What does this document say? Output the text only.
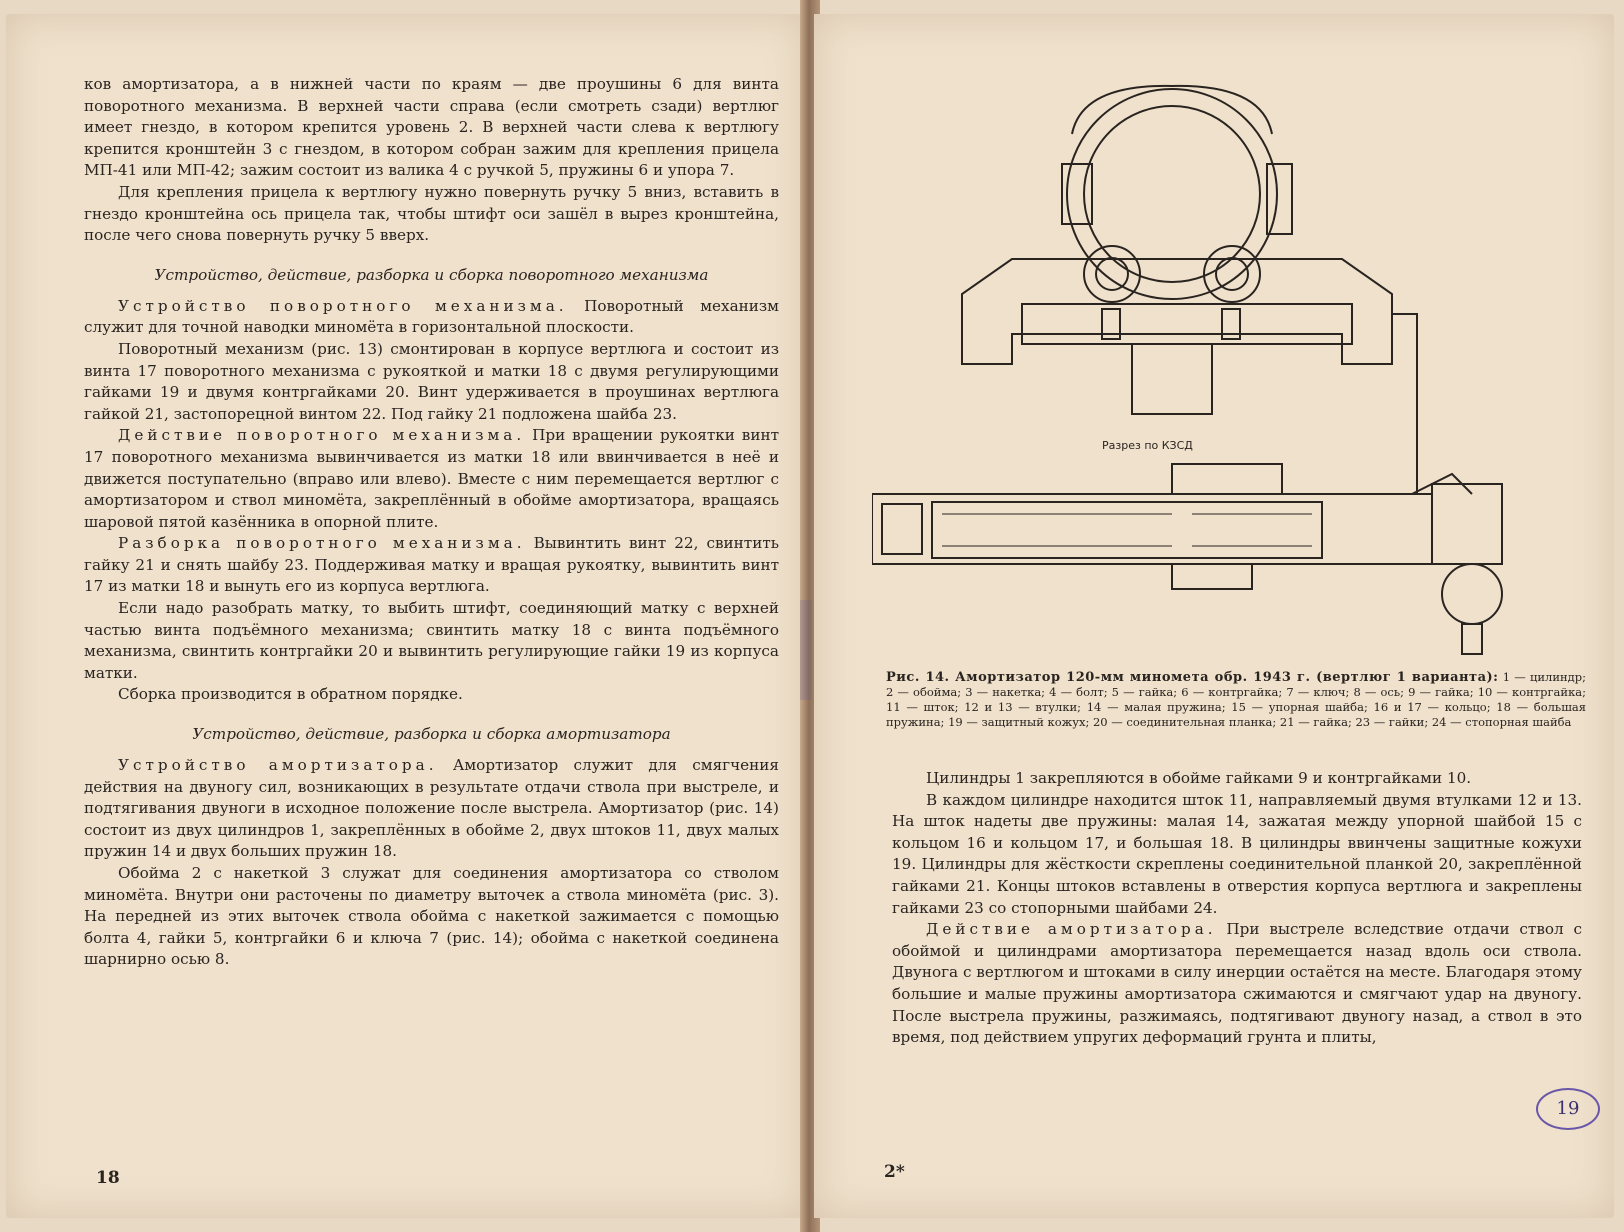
ков амортизатора, а в нижней части по краям — две проушины 6 для винта поворотного механизма. В верхней части справа (если смотреть сзади) вертлюг имеет гнездо, в котором крепится уровень 2. В верхней части слева к вертлюгу крепится кронштейн 3 с гнездом, в котором собран зажим для крепления прицела МП-41 или МП-42; зажим состоит из валика 4 с ручкой 5, пружины 6 и упора 7.

Для крепления прицела к вертлюгу нужно повернуть ручку 5 вниз, вставить в гнездо кронштейна ось прицела так, чтобы штифт оси зашёл в вырез кронштейна, после чего снова повернуть ручку 5 вверх.

Устройство, действие, разборка и сборка поворотного механизма

Устройство поворотного механизма. Поворотный механизм служит для точной наводки миномёта в горизонтальной плоскости.

Поворотный механизм (рис. 13) смонтирован в корпусе вертлюга и состоит из винта 17 поворотного механизма с рукояткой и матки 18 с двумя регулирующими гайками 19 и двумя контргайками 20. Винт удерживается в проушинах вертлюга гайкой 21, застопорецной винтом 22. Под гайку 21 подложена шайба 23.

Действие поворотного механизма. При вращении рукоятки винт 17 поворотного механизма вывинчивается из матки 18 или ввинчивается в неё и движется поступательно (вправо или влево). Вместе с ним перемещается вертлюг с амортизатором и ствол миномёта, закреплённый в обойме амортизатора, вращаясь шаровой пятой казённика в опорной плите.

Разборка поворотного механизма. Вывинтить винт 22, свинтить гайку 21 и снять шайбу 23. Поддерживая матку и вращая рукоятку, вывинтить винт 17 из матки 18 и вынуть его из корпуса вертлюга.

Если надо разобрать матку, то выбить штифт, соединяющий матку с верхней частью винта подъёмного механизма; свинтить матку 18 с винта подъёмного механизма, свинтить контргайки 20 и вывинтить регулирующие гайки 19 из корпуса матки.

Сборка производится в обратном порядке.

Устройство, действие, разборка и сборка амортизатора

Устройство амортизатора. Амортизатор служит для смягчения действия на двуногу сил, возникающих в результате отдачи ствола при выстреле, и подтягивания двуноги в исходное положение после выстрела. Амортизатор (рис. 14) состоит из двух цилиндров 1, закреплённых в обойме 2, двух штоков 11, двух малых пружин 14 и двух больших пружин 18.

Обойма 2 с накеткой 3 служат для соединения амортизатора со стволом миномёта. Внутри они расточены по диаметру выточек а ствола миномёта (рис. 3). На передней из этих выточек ствола обойма с накеткой зажимается с помощью болта 4, гайки 5, контргайки 6 и ключа 7 (рис. 14); обойма с накеткой соединена шарнирно осью 8.

18
Разрез по КЗСД
Рис. 14. Амортизатор 120-мм миномета обр. 1943 г. (вертлюг 1 варианта): 1 — цилиндр; 2 — обойма; 3 — накетка; 4 — болт; 5 — гайка; 6 — контргайка; 7 — ключ; 8 — ось; 9 — гайка; 10 — контргайка; 11 — шток; 12 и 13 — втулки; 14 — малая пружина; 15 — упорная шайба; 16 и 17 — кольцо; 18 — большая пружина; 19 — защитный кожух; 20 — соединительная планка; 21 — гайка; 23 — гайки; 24 — стопорная шайба

Цилиндры 1 закрепляются в обойме гайками 9 и контргайками 10.

В каждом цилиндре находится шток 11, направляемый двумя втулками 12 и 13. На шток надеты две пружины: малая 14, зажатая между упорной шайбой 15 с кольцом 16 и кольцом 17, и большая 18. В цилиндры ввинчены защитные кожухи 19. Цилиндры для жёсткости скреплены соединительной планкой 20, закреплённой гайками 21. Концы штоков вставлены в отверстия корпуса вертлюга и закреплены гайками 23 со стопорными шайбами 24.

Действие амортизатора. При выстреле вследствие отдачи ствол с обоймой и цилиндрами амортизатора перемещается назад вдоль оси ствола. Двуногa с вертлюгом и штоками в силу инерции остаётся на месте. Благодаря этому большие и малые пружины амортизатора сжимаются и смягчают удар на двуногу. После выстрела пружины, разжимаясь, подтягивают двуногу назад, а ствол в это время, под действием упругих деформаций грунта и плиты,

2*
19
